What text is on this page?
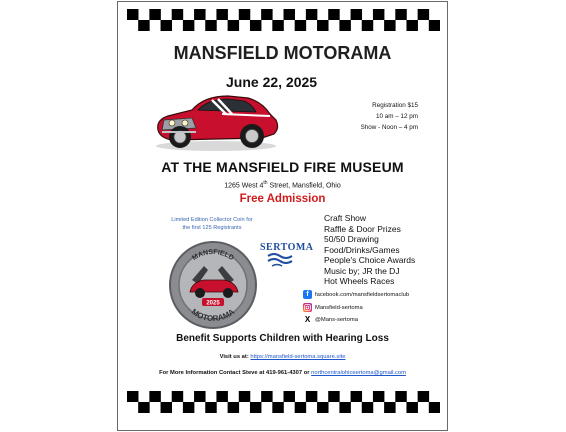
MANSFIELD MOTORAMA
June 22, 2025
Registration $15
10 am – 12 pm
Show - Noon – 4 pm
AT THE MANSFIELD FIRE MUSEUM
1265 West 4th Street, Mansfield, Ohio
Free Admission
Limited Edition Collector Coin for
the first 125 Registrants
MANSFIELD
MOTORAMA
2025
SERTOMA
Craft Show
Raffle & Door Prizes
50/50 Drawing
Food/Drinks/Games
People's Choice Awards
Music by; JR the DJ
Hot Wheels Races
f	facebook.com/mansfieldsertomaclub
Mansfield-sertoma
X @Mans-sertoma
Benefit Supports Children with Hearing Loss
Visit us at: https://mansfield-sertoma.square.site
For More Information Contact Steve at 419-961-4307 or northcentralohiosertoma@gmail.com
